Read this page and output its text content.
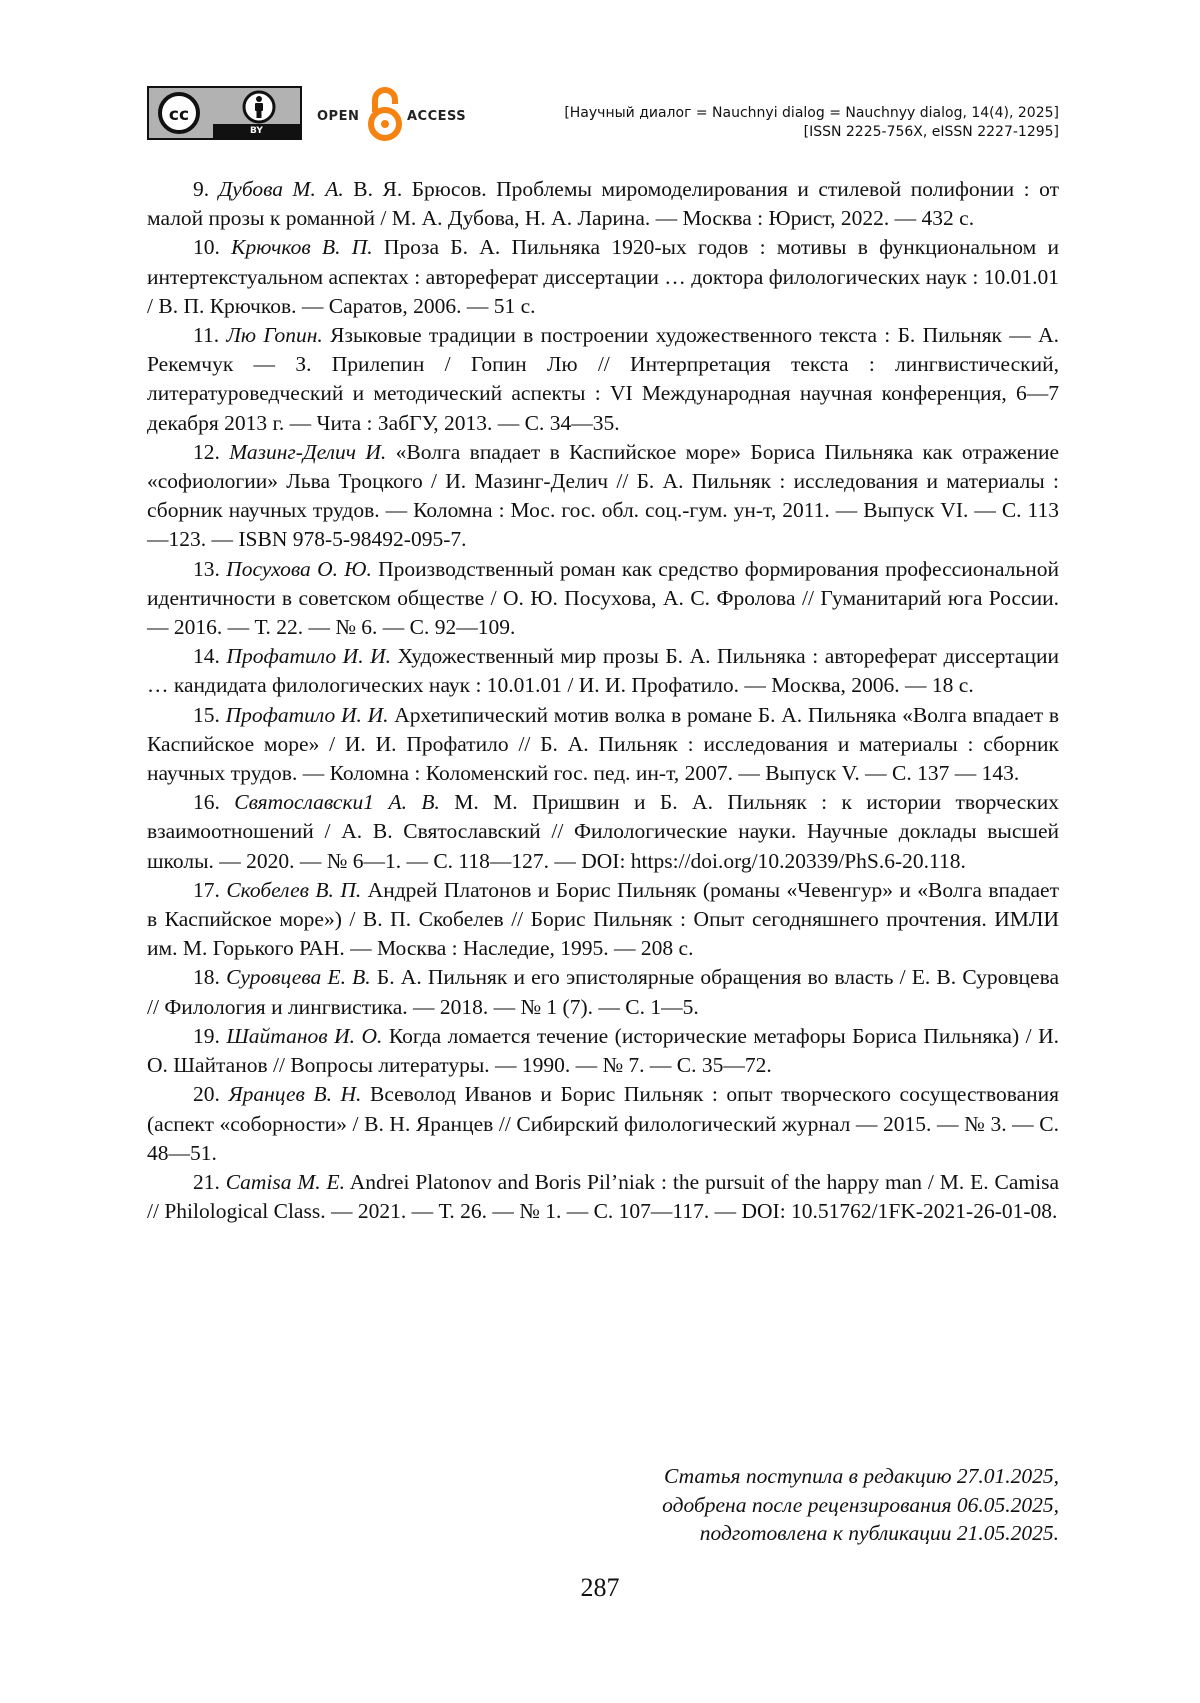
cc
BY
OPEN	ACCESS	[Научный диалог = Nauchnyi dialog = Nauchnyy dialog, 14(4), 2025]
[ISSN 2225-756X, eISSN 2227-1295]

9. Дубова М. А. В. Я. Брюсов. Проблемы миромоделирования и стилевой полифонии : от малой прозы к романной / М. А. Дубова, Н. А. Ларина. — Москва : Юрист, 2022. — 432 с.

10. Крючков В. П. Проза Б. А. Пильняка 1920-ых годов : мотивы в функциональном и интертекстуальном аспектах : автореферат диссертации … доктора филологических наук : 10.01.01 / В. П. Крючков. — Саратов, 2006. — 51 с.

11. Лю Гопин. Языковые традиции в построении художественного текста : Б. Пильняк — А. Рекемчук — З. Прилепин / Гопин Лю // Интерпретация текста : лингвистический, литературоведческий и методический аспекты : VI Международная научная конференция, 6—7 декабря 2013 г. — Чита : ЗабГУ, 2013. — С. 34—35.

12. Мазинг-Делич И. «Волга впадает в Каспийское море» Бориса Пильняка как отражение «софиологии» Льва Троцкого / И. Мазинг-Делич // Б. А. Пильняк : исследования и материалы : сборник научных трудов. — Коломна : Мос. гос. обл. соц.-гум. ун-т, 2011. — Выпуск VI. — С. 113—123. — ISBN 978-5-98492-095-7.

13. Посухова О. Ю. Производственный роман как средство формирования профессиональной идентичности в советском обществе / О. Ю. Посухова, А. С. Фролова // Гуманитарий юга России. — 2016. — Т. 22. — № 6. — С. 92—109.

14. Профатило И. И. Художественный мир прозы Б. А. Пильняка : автореферат диссертации … кандидата филологических наук : 10.01.01 / И. И. Профатило. — Москва, 2006. — 18 с.

15. Профатило И. И. Архетипический мотив волка в романе Б. А. Пильняка «Волга впадает в Каспийское море» / И. И. Профатило // Б. А. Пильняк : исследования и материалы : сборник научных трудов. — Коломна : Коломенский гос. пед. ин-т, 2007. — Выпуск V. — С. 137 — 143.

16. Святославски1 А. В. М. М. Пришвин и Б. А. Пильняк : к истории творческих взаимоотношений / А. В. Святославский // Филологические науки. Научные доклады высшей школы. — 2020. — № 6—1. — С. 118—127. — DOI: https://doi.org/10.20339/PhS.6-20.118.

17. Скобелев В. П. Андрей Платонов и Борис Пильняк (романы «Чевенгур» и «Волга впадает в Каспийское море») / В. П. Скобелев // Борис Пильняк : Опыт сегодняшнего прочтения. ИМЛИ им. М. Горького РАН. — Москва : Наследие, 1995. — 208 с.

18. Суровцева Е. В. Б. А. Пильняк и его эпистолярные обращения во власть / Е. В. Суровцева // Филология и лингвистика. — 2018. — № 1 (7). — С. 1—5.

19. Шайтанов И. О. Когда ломается течение (исторические метафоры Бориса Пильняка) / И. О. Шайтанов // Вопросы литературы. — 1990. — № 7. — С. 35—72.

20. Яранцев В. Н. Всеволод Иванов и Борис Пильняк : опыт творческого сосуществования (аспект «соборности» / В. Н. Яранцев // Сибирский филологический журнал — 2015. — № 3. — С. 48—51.

21. Camisa M. E. Andrei Platonov and Boris Pil’niak : the pursuit of the happy man / M. E. Camisa // Philological Class. — 2021. — Т. 26. — № 1. — С. 107—117. — DOI: 10.51762/1FK-2021-26-01-08.

Статья поступила в редакцию 27.01.2025,
одобрена после рецензирования 06.05.2025,
подготовлена к публикации 21.05.2025.
287
